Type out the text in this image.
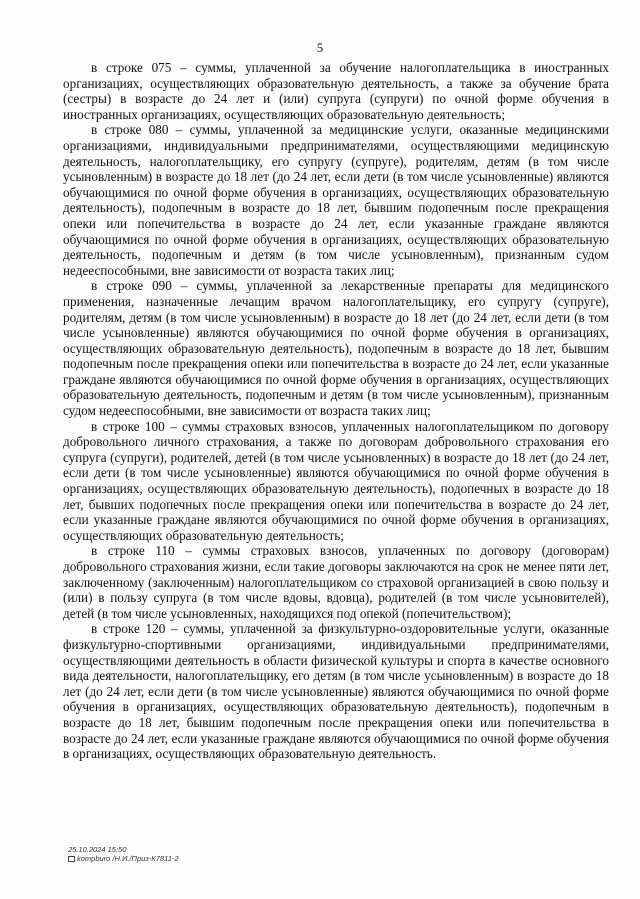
5

в строке 075 – суммы, уплаченной за обучение налогоплательщика в иностранных организациях, осуществляющих образовательную деятельность, а также за обучение брата (сестры) в возрасте до 24 лет и (или) супруга (супруги) по очной форме обучения в иностранных организациях, осуществляющих образовательную деятельность;

в строке 080 – суммы, уплаченной за медицинские услуги, оказанные медицинскими организациями, индивидуальными предпринимателями, осуществляющими медицинскую деятельность, налогоплательщику, его супругу (супруге), родителям, детям (в том числе усыновленным) в возрасте до 18 лет (до 24 лет, если дети (в том числе усыновленные) являются обучающимися по очной форме обучения в организациях, осуществляющих образовательную деятельность), подопечным в возрасте до 18 лет, бывшим подопечным после прекращения опеки или попечительства в возрасте до 24 лет, если указанные граждане являются обучающимися по очной форме обучения в организациях, осуществляющих образовательную деятельность, подопечным и детям (в том числе усыновленным), признанным судом недееспособными, вне зависимости от возраста таких лиц;

в строке 090 – суммы, уплаченной за лекарственные препараты для медицинского применения, назначенные лечащим врачом налогоплательщику, его супругу (супруге), родителям, детям (в том числе усыновленным) в возрасте до 18 лет (до 24 лет, если дети (в том числе усыновленные) являются обучающимися по очной форме обучения в организациях, осуществляющих образовательную деятельность), подопечным в возрасте до 18 лет, бывшим подопечным после прекращения опеки или попечительства в возрасте до 24 лет, если указанные граждане являются обучающимися по очной форме обучения в организациях, осуществляющих образовательную деятельность, подопечным и детям (в том числе усыновленным), признанным судом недееспособными, вне зависимости от возраста таких лиц;

в строке 100 – суммы страховых взносов, уплаченных налогоплательщиком по договору добровольного личного страхования, а также по договорам добровольного страхования его супруга (супруги), родителей, детей (в том числе усыновленных) в возрасте до 18 лет (до 24 лет, если дети (в том числе усыновленные) являются обучающимися по очной форме обучения в организациях, осуществляющих образовательную деятельность), подопечных в возрасте до 18 лет, бывших подопечных после прекращения опеки или попечительства в возрасте до 24 лет, если указанные граждане являются обучающимися по очной форме обучения в организациях, осуществляющих образовательную деятельность;

в строке 110 – суммы страховых взносов, уплаченных по договору (договорам) добровольного страхования жизни, если такие договоры заключаются на срок не менее пяти лет, заключенному (заключенным) налогоплательщиком со страховой организацией в свою пользу и (или) в пользу супруга (в том числе вдовы, вдовца), родителей (в том числе усыновителей), детей (в том числе усыновленных, находящихся под опекой (попечительством);

в строке 120 – суммы, уплаченной за физкультурно-оздоровительные услуги, оказанные физкультурно-спортивными организациями, индивидуальными предпринимателями, осуществляющими деятельность в области физической культуры и спорта в качестве основного вида деятельности, налогоплательщику, его детям (в том числе усыновленным) в возрасте до 18 лет (до 24 лет, если дети (в том числе усыновленные) являются обучающимися по очной форме обучения в организациях, осуществляющих образовательную деятельность), подопечным в возрасте до 18 лет, бывшим подопечным после прекращения опеки или попечительства в возрасте до 24 лет, если указанные граждане являются обучающимися по очной форме обучения в организациях, осуществляющих образовательную деятельность.

25.10.2024 15:50
kompburo /Н.И./Приз-К7811-2
